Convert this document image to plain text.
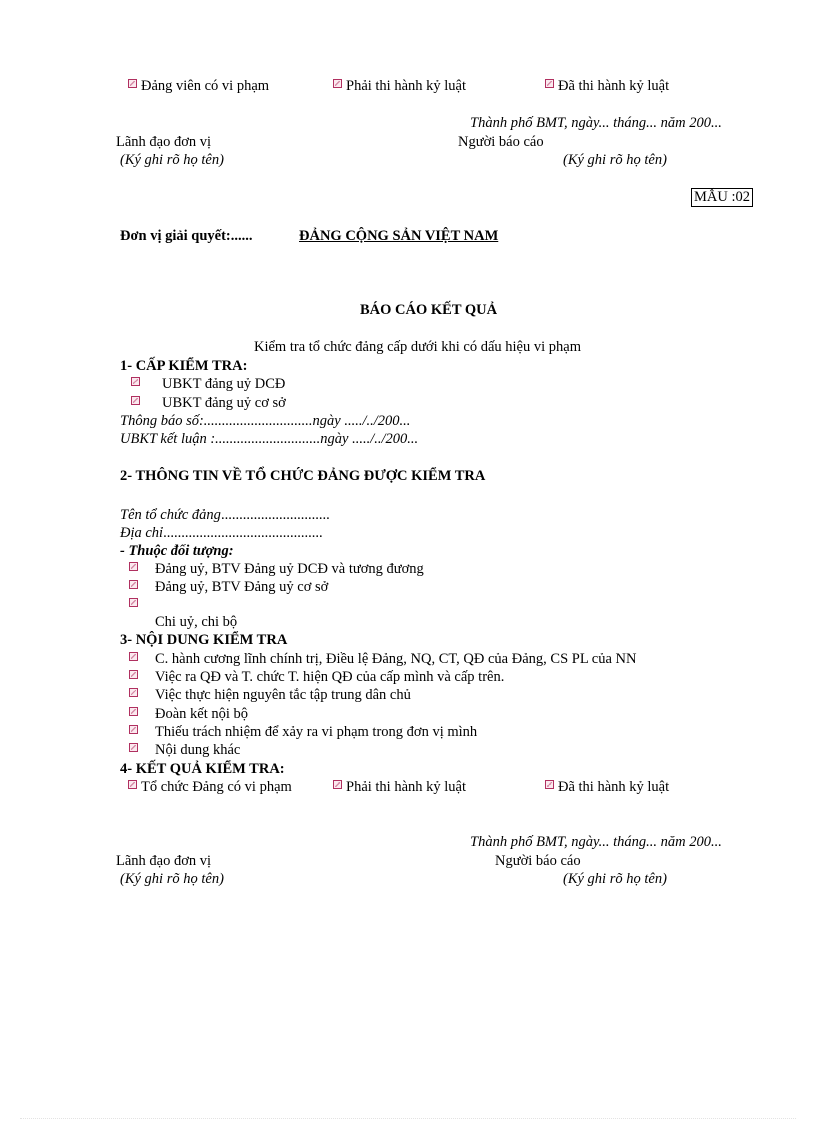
Đảng viên có vi phạm	Phải thi hành kỷ luật	Đã thi hành kỷ luật
Thành phố BMT, ngày... tháng... năm 200...
Lãnh đạo đơn vị	Người báo cáo
(Ký ghi rõ họ tên)	(Ký ghi rõ họ tên)
MẪU :02
Đơn vị giải quyết:......	ĐẢNG CỘNG SẢN VIỆT NAM
BÁO CÁO KẾT QUẢ
Kiểm tra tổ chức đảng cấp dưới khi có dấu hiệu vi phạm
1- CẤP KIỂM TRA:
UBKT đảng uỷ DCĐ
UBKT đảng uỷ cơ sở
Thông báo số:..............................ngày ...../../200...
UBKT kết luận :.............................ngày ...../../200...
2- THÔNG TIN VỀ TỔ CHỨC ĐẢNG ĐƯỢC KIỂM TRA
Tên tổ chức đảng..............................
Địa chỉ............................................
- Thuộc đối tượng:
Đảng uỷ, BTV Đảng uỷ DCĐ và tương đương
Đảng uỷ, BTV Đảng uỷ cơ sở
Chi uỷ, chi bộ
3- NỘI DUNG KIỂM TRA
C. hành cương lĩnh chính trị, Điều lệ Đảng, NQ, CT, QĐ của Đảng, CS PL của NN
Việc ra QĐ và T. chức T. hiện QĐ của cấp mình và cấp trên.
Việc thực hiện nguyên tắc tập trung dân chủ
Đoàn kết nội bộ
Thiếu trách nhiệm để xảy ra vi phạm trong đơn vị mình
Nội dung khác
4- KẾT QUẢ KIỂM TRA:
Tổ chức Đảng có vi phạm	Phải thi hành kỷ luật	Đã thi hành kỷ luật
Thành phố BMT, ngày... tháng... năm 200...
Lãnh đạo đơn vị	Người báo cáo
(Ký ghi rõ họ tên)	(Ký ghi rõ họ tên)
